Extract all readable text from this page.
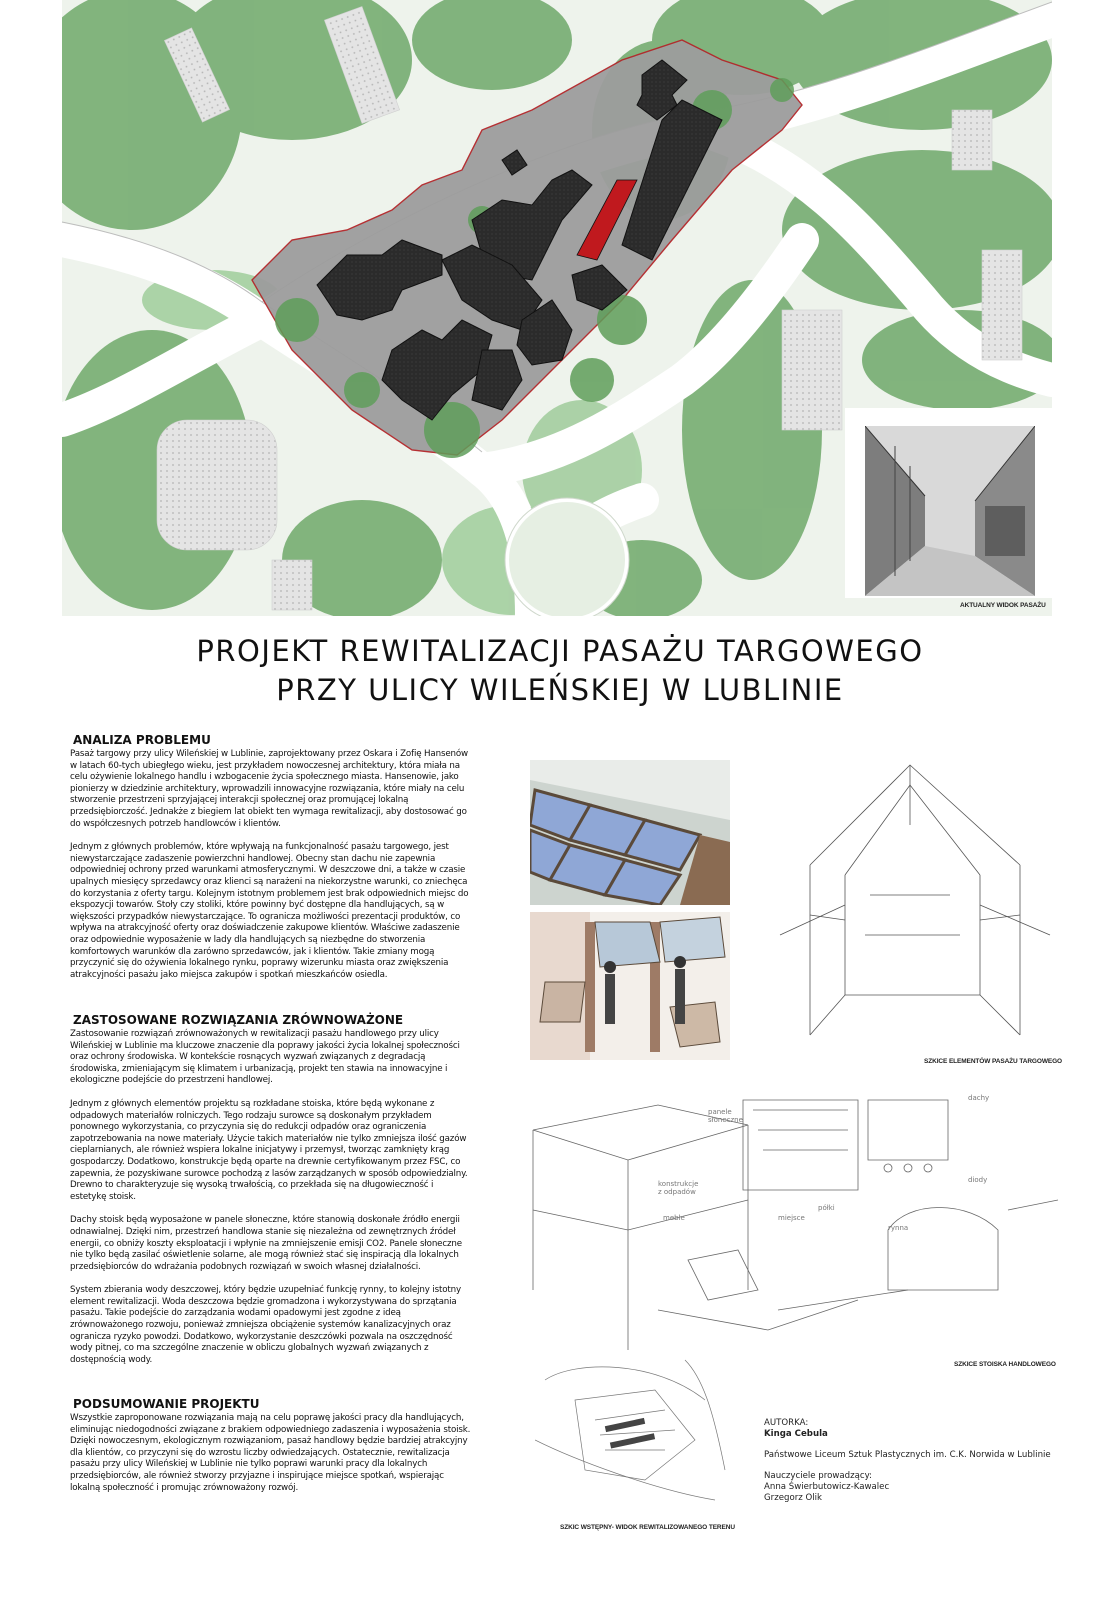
AKTUALNY WIDOK PASAŻU
PROJEKT REWITALIZACJI PASAŻU TARGOWEGO
PRZY ULICY WILEŃSKIEJ W LUBLINIE
ANALIZA PROBLEMU

Pasaż targowy przy ulicy Wileńskiej w Lublinie, zaprojektowany przez Oskara i Zofię Hansenów w latach 60-tych ubiegłego wieku, jest przykładem nowoczesnej architektury, która miała na celu ożywienie lokalnego handlu i wzbogacenie życia społecznego miasta. Hansenowie, jako pionierzy w dziedzinie architektury, wprowadzili innowacyjne rozwiązania, które miały na celu stworzenie przestrzeni sprzyjającej interakcji społecznej oraz promującej lokalną przedsiębiorczość. Jednakże z biegiem lat obiekt ten wymaga rewitalizacji, aby dostosować go do współczesnych potrzeb handlowców i klientów.

Jednym z głównych problemów, które wpływają na funkcjonalność pasażu targowego, jest niewystarczające zadaszenie powierzchni handlowej. Obecny stan dachu nie zapewnia odpowiedniej ochrony przed warunkami atmosferycznymi. W deszczowe dni, a także w czasie upalnych miesięcy sprzedawcy oraz klienci są narażeni na niekorzystne warunki, co zniechęca do korzystania z oferty targu. Kolejnym istotnym problemem jest brak odpowiednich miejsc do ekspozycji towarów. Stoły czy stoliki, które powinny być dostępne dla handlujących, są w większości przypadków niewystarczające. To ogranicza możliwości prezentacji produktów, co wpływa na atrakcyjność oferty oraz doświadczenie zakupowe klientów. Właściwe zadaszenie oraz odpowiednie wyposażenie w lady dla handlujących są niezbędne do stworzenia komfortowych warunków dla zarówno sprzedawców, jak i klientów. Takie zmiany mogą przyczynić się do ożywienia lokalnego rynku, poprawy wizerunku miasta oraz zwiększenia atrakcyjności pasażu jako miejsca zakupów i spotkań mieszkańców osiedla.

ZASTOSOWANE ROZWIĄZANIA ZRÓWNOWAŻONE

Zastosowanie rozwiązań zrównoważonych w rewitalizacji pasażu handlowego przy ulicy Wileńskiej w Lublinie ma kluczowe znaczenie dla poprawy jakości życia lokalnej społeczności oraz ochrony środowiska. W kontekście rosnących wyzwań związanych z degradacją środowiska, zmieniającym się klimatem i urbanizacją, projekt ten stawia na innowacyjne i ekologiczne podejście do przestrzeni handlowej.

Jednym z głównych elementów projektu są rozkładane stoiska, które będą wykonane z odpadowych materiałów rolniczych. Tego rodzaju surowce są doskonałym przykładem ponownego wykorzystania, co przyczynia się do redukcji odpadów oraz ograniczenia zapotrzebowania na nowe materiały. Użycie takich materiałów nie tylko zmniejsza ilość gazów cieplarnianych, ale również wspiera lokalne inicjatywy i przemysł, tworząc zamknięty krąg gospodarczy. Dodatkowo, konstrukcje będą oparte na drewnie certyfikowanym przez FSC, co zapewnia, że pozyskiwane surowce pochodzą z lasów zarządzanych w sposób odpowiedzialny. Drewno to charakteryzuje się wysoką trwałością, co przekłada się na długowieczność i estetykę stoisk.

Dachy stoisk będą wyposażone w panele słoneczne, które stanowią doskonałe źródło energii odnawialnej. Dzięki nim, przestrzeń handlowa stanie się niezależna od zewnętrznych źródeł energii, co obniży koszty eksploatacji i wpłynie na zmniejszenie emisji CO2. Panele słoneczne nie tylko będą zasilać oświetlenie solarne, ale mogą również stać się inspiracją dla lokalnych przedsiębiorców do wdrażania podobnych rozwiązań w swoich własnej działalności.

System zbierania wody deszczowej, który będzie uzupełniać funkcję rynny, to kolejny istotny element rewitalizacji. Woda deszczowa będzie gromadzona i wykorzystywana do sprzątania pasażu. Takie podejście do zarządzania wodami opadowymi jest zgodne z ideą zrównoważonego rozwoju, ponieważ zmniejsza obciążenie systemów kanalizacyjnych oraz ogranicza ryzyko powodzi. Dodatkowo, wykorzystanie deszczówki pozwala na oszczędność wody pitnej, co ma szczególne znaczenie w obliczu globalnych wyzwań związanych z dostępnością wody.

PODSUMOWANIE PROJEKTU

Wszystkie zaproponowane rozwiązania mają na celu poprawę jakości pracy dla handlujących, eliminując niedogodności związane z brakiem odpowiedniego zadaszenia i wyposażenia stoisk. Dzięki nowoczesnym, ekologicznym rozwiązaniom, pasaż handlowy będzie bardziej atrakcyjny dla klientów, co przyczyni się do wzrostu liczby odwiedzających. Ostatecznie, rewitalizacja pasażu przy ulicy Wileńskiej w Lublinie nie tylko poprawi warunki pracy dla lokalnych przedsiębiorców, ale również stworzy przyjazne i inspirujące miejsce spotkań, wspierając lokalną społeczność i promując zrównoważony rozwój.

SZKICE ELEMENTÓW PASAŻU TARGOWEGO
panele
słoneczne
konstrukcje
z odpadów
miejsce
półki
meble
dachy
diody
rynna
SZKICE STOISKA HANDLOWEGO
SZKIC WSTĘPNY- WIDOK REWITALIZOWANEGO TERENU
AUTORKA:
Kinga Cebula
Państwowe Liceum Sztuk Plastycznych im. C.K. Norwida w Lublinie
Nauczyciele prowadzący:
Anna Świerbutowicz-Kawalec
Grzegorz Olik
